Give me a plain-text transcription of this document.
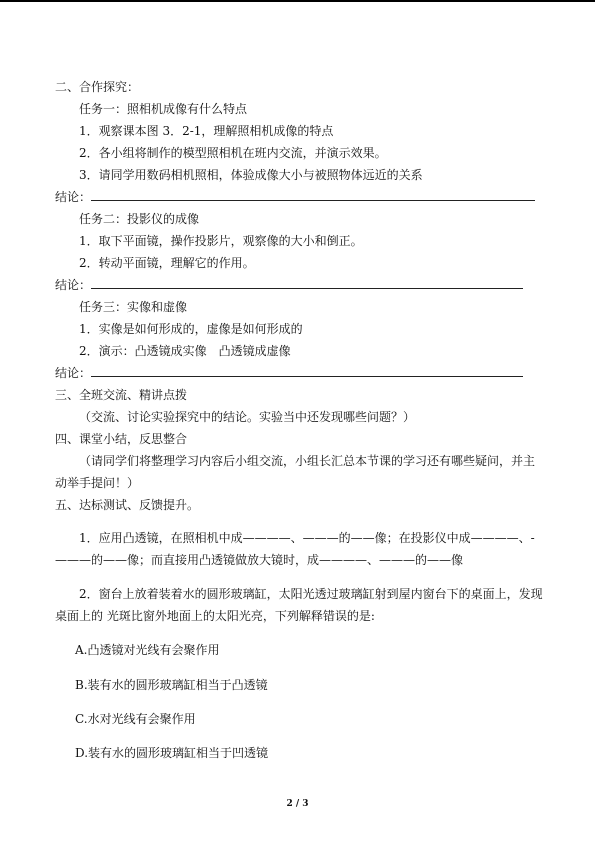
二、合作探究：
任务一：照相机成像有什么特点
1．观察课本图 3．2-1，理解照相机成像的特点
2．各小组将制作的模型照相机在班内交流，并演示效果。
3．请同学用数码相机照相，体验成像大小与被照物体远近的关系
结论：
任务二：投影仪的成像
1．取下平面镜，操作投影片，观察像的大小和倒正。
2．转动平面镜，理解它的作用。
结论：
任务三：实像和虚像
1．实像是如何形成的，虚像是如何形成的
2．演示：凸透镜成实像　凸透镜成虚像
结论：
三、全班交流、精讲点拨
（交流、讨论实验探究中的结论。实验当中还发现哪些问题？）
四、课堂小结，反思整合
（请同学们将整理学习内容后小组交流，小组长汇总本节课的学习还有哪些疑问，并主
动举手提问！）
五、达标测试、反馈提升。
1．应用凸透镜，在照相机中成————、———的——像；在投影仪中成————、-
———的——像；而直接用凸透镜做放大镜时，成————、———的——像
2．窗台上放着装着水的圆形玻璃缸，太阳光透过玻璃缸射到屋内窗台下的桌面上，发现
桌面上的 光斑比窗外地面上的太阳光亮，下列解释错误的是:
A.凸透镜对光线有会聚作用
B.装有水的圆形玻璃缸相当于凸透镜
C.水对光线有会聚作用
D.装有水的圆形玻璃缸相当于凹透镜
2 / 3
